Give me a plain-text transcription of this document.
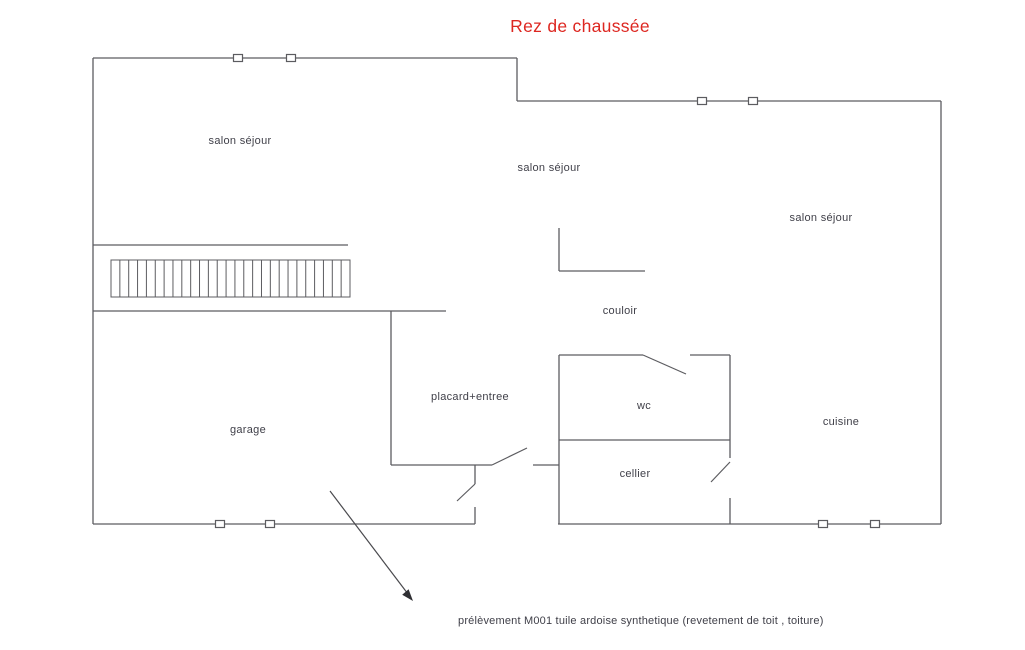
Rez de chaussée
salon séjour
salon séjour
salon séjour
couloir
placard+entree
wc
cellier
garage
cuisine
prélèvement M001 tuile ardoise synthetique (revetement de toit , toiture)
